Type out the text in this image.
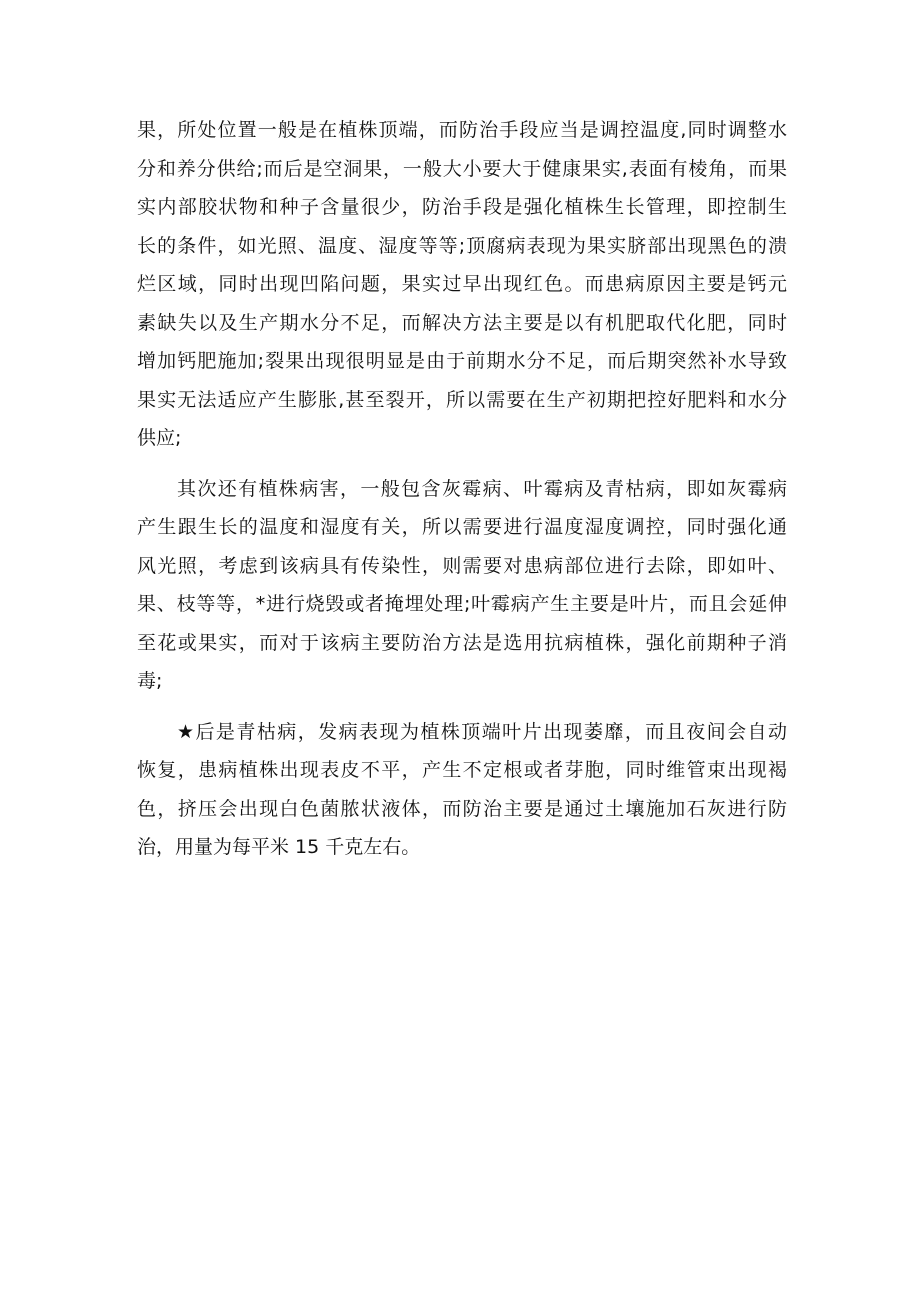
果，所处位置一般是在植株顶端，而防治手段应当是调控温度,同时调整水
分和养分供给;而后是空洞果，一般大小要大于健康果实,表面有棱角，而果
实内部胶状物和种子含量很少，防治手段是强化植株生长管理，即控制生
长的条件，如光照、温度、湿度等等;顶腐病表现为果实脐部出现黑色的溃
烂区域，同时出现凹陷问题，果实过早出现红色。而患病原因主要是钙元
素缺失以及生产期水分不足，而解决方法主要是以有机肥取代化肥，同时
增加钙肥施加;裂果出现很明显是由于前期水分不足，而后期突然补水导致
果实无法适应产生膨胀,甚至裂开，所以需要在生产初期把控好肥料和水分
供应;
其次还有植株病害，一般包含灰霉病、叶霉病及青枯病，即如灰霉病
产生跟生长的温度和湿度有关，所以需要进行温度湿度调控，同时强化通
风光照，考虑到该病具有传染性，则需要对患病部位进行去除，即如叶、
果、枝等等，*进行烧毁或者掩埋处理;叶霉病产生主要是叶片，而且会延伸
至花或果实，而对于该病主要防治方法是选用抗病植株，强化前期种子消
毒;
★后是青枯病，发病表现为植株顶端叶片出现萎靡，而且夜间会自动
恢复，患病植株出现表皮不平，产生不定根或者芽胞，同时维管束出现褐
色，挤压会出现白色菌脓状液体，而防治主要是通过土壤施加石灰进行防
治，用量为每平米 15 千克左右。
